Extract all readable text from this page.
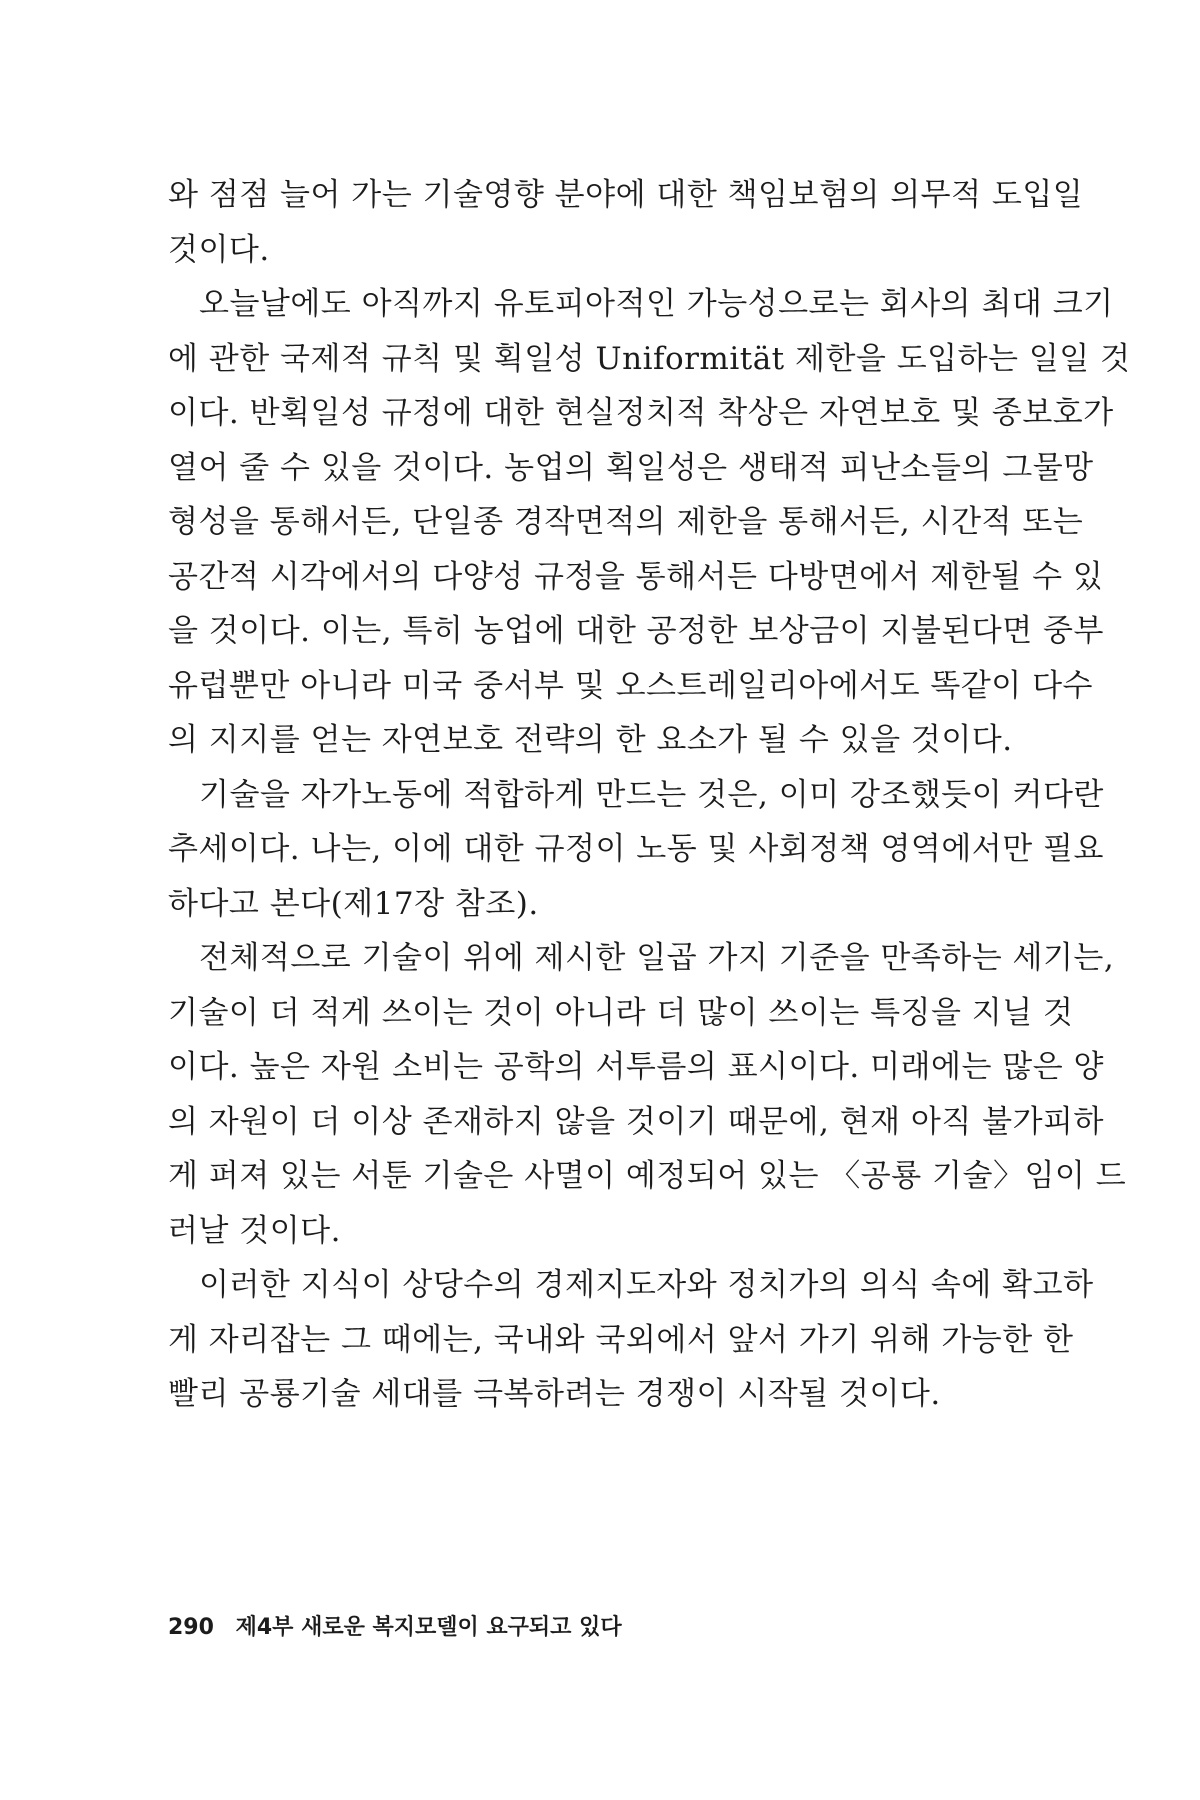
와 점점 늘어 가는 기술영향 분야에 대한 책임보험의 의무적 도입일
것이다.
오늘날에도 아직까지 유토피아적인 가능성으로는 회사의 최대 크기
에 관한 국제적 규칙 및 획일성 Uniformität 제한을 도입하는 일일 것
이다. 반획일성 규정에 대한 현실정치적 착상은 자연보호 및 종보호가
열어 줄 수 있을 것이다. 농업의 획일성은 생태적 피난소들의 그물망
형성을 통해서든, 단일종 경작면적의 제한을 통해서든, 시간적 또는
공간적 시각에서의 다양성 규정을 통해서든 다방면에서 제한될 수 있
을 것이다. 이는, 특히 농업에 대한 공정한 보상금이 지불된다면 중부
유럽뿐만 아니라 미국 중서부 및 오스트레일리아에서도 똑같이 다수
의 지지를 얻는 자연보호 전략의 한 요소가 될 수 있을 것이다.
기술을 자가노동에 적합하게 만드는 것은, 이미 강조했듯이 커다란
추세이다. 나는, 이에 대한 규정이 노동 및 사회정책 영역에서만 필요
하다고 본다(제17장 참조).
전체적으로 기술이 위에 제시한 일곱 가지 기준을 만족하는 세기는,
기술이 더 적게 쓰이는 것이 아니라 더 많이 쓰이는 특징을 지닐 것
이다. 높은 자원 소비는 공학의 서투름의 표시이다. 미래에는 많은 양
의 자원이 더 이상 존재하지 않을 것이기 때문에, 현재 아직 불가피하
게 퍼져 있는 서툰 기술은 사멸이 예정되어 있는 〈공룡 기술〉임이 드
러날 것이다.
이러한 지식이 상당수의 경제지도자와 정치가의 의식 속에 확고하
게 자리잡는 그 때에는, 국내와 국외에서 앞서 가기 위해 가능한 한
빨리 공룡기술 세대를 극복하려는 경쟁이 시작될 것이다.
290 제4부 새로운 복지모델이 요구되고 있다
